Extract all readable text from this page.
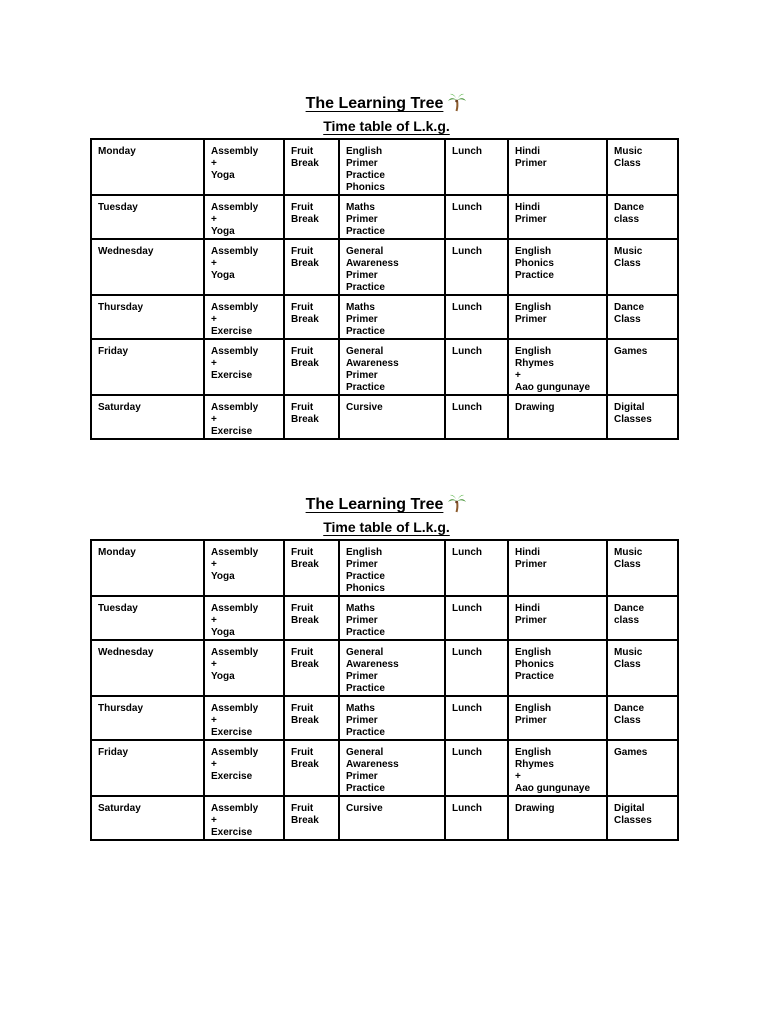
The Learning Tree
Time table of L.k.g.
Monday	Assembly
+
Yoga	Fruit
Break	English
Primer
Practice
Phonics	Lunch	Hindi
Primer	Music
Class
Tuesday	Assembly
+
Yoga	Fruit
Break	Maths
Primer
Practice	Lunch	Hindi
Primer	Dance
class
Wednesday	Assembly
+
Yoga	Fruit
Break	General
Awareness
Primer
Practice	Lunch	English
Phonics
Practice	Music
Class
Thursday	Assembly
+
Exercise	Fruit
Break	Maths
Primer
Practice	Lunch	English
Primer	Dance
Class
Friday	Assembly
+
Exercise	Fruit
Break	General
Awareness
Primer
Practice	Lunch	English
Rhymes
+
Aao gungunaye	Games
Saturday	Assembly
+
Exercise	Fruit
Break	Cursive	Lunch	Drawing	Digital
Classes
The Learning Tree
Time table of L.k.g.
Monday	Assembly
+
Yoga	Fruit
Break	English
Primer
Practice
Phonics	Lunch	Hindi
Primer	Music
Class
Tuesday	Assembly
+
Yoga	Fruit
Break	Maths
Primer
Practice	Lunch	Hindi
Primer	Dance
class
Wednesday	Assembly
+
Yoga	Fruit
Break	General
Awareness
Primer
Practice	Lunch	English
Phonics
Practice	Music
Class
Thursday	Assembly
+
Exercise	Fruit
Break	Maths
Primer
Practice	Lunch	English
Primer	Dance
Class
Friday	Assembly
+
Exercise	Fruit
Break	General
Awareness
Primer
Practice	Lunch	English
Rhymes
+
Aao gungunaye	Games
Saturday	Assembly
+
Exercise	Fruit
Break	Cursive	Lunch	Drawing	Digital
Classes
